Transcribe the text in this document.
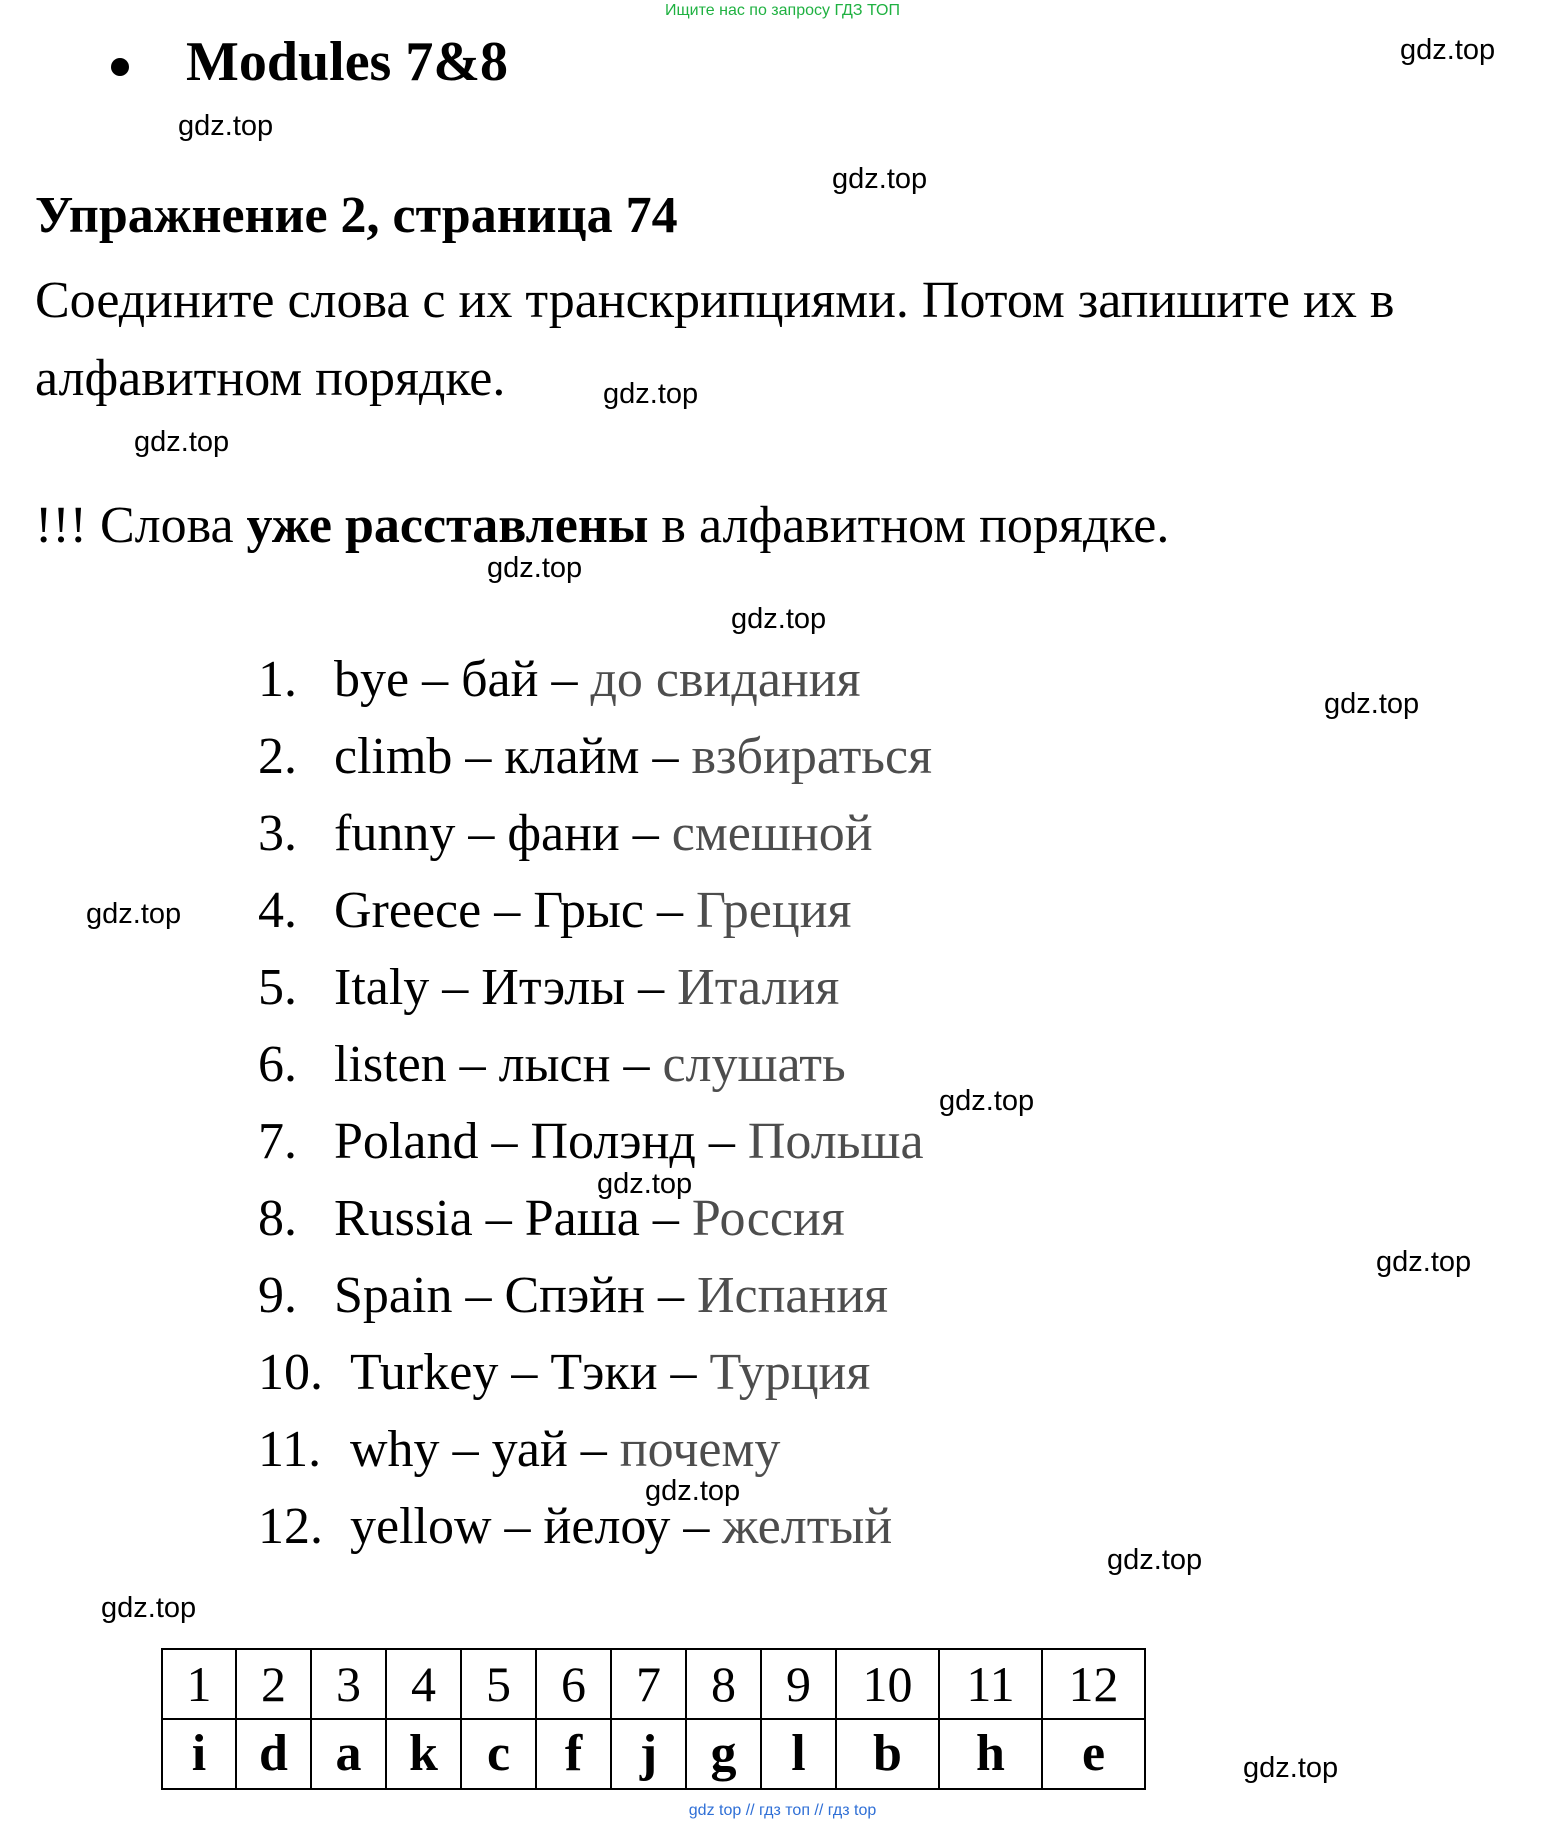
Ищите нас по запросу ГДЗ ТОП
Modules 7&8
Упражнение 2, страница 74
Соедините слова с их транскрипциями. Потом запишите их в алфавитном порядке.
!!! Слова уже расставлены в алфавитном порядке.
1. bye – бай – до свидания
2. climb – клайм – взбираться
3. funny – фани – смешной
4. Greece – Грыс – Греция
5. Italy – Итэлы – Италия
6. listen – лысн – слушать
7. Poland – Полэнд – Польша
8. Russia – Раша – Россия
9. Spain – Спэйн – Испания
10. Turkey – Тэки – Турция
11. why – уай – почему
12. yellow – йелоу – желтый
1	2	3	4	5	6	7	8	9	10	11	12
i	d	a	k	c	f	j	g	l	b	h	e
gdz.top
gdz.top
gdz.top
gdz.top
gdz.top
gdz.top
gdz.top
gdz.top
gdz.top
gdz.top
gdz.top
gdz.top
gdz.top
gdz.top
gdz.top
gdz.top
gdz top // гдз топ // гдз top
